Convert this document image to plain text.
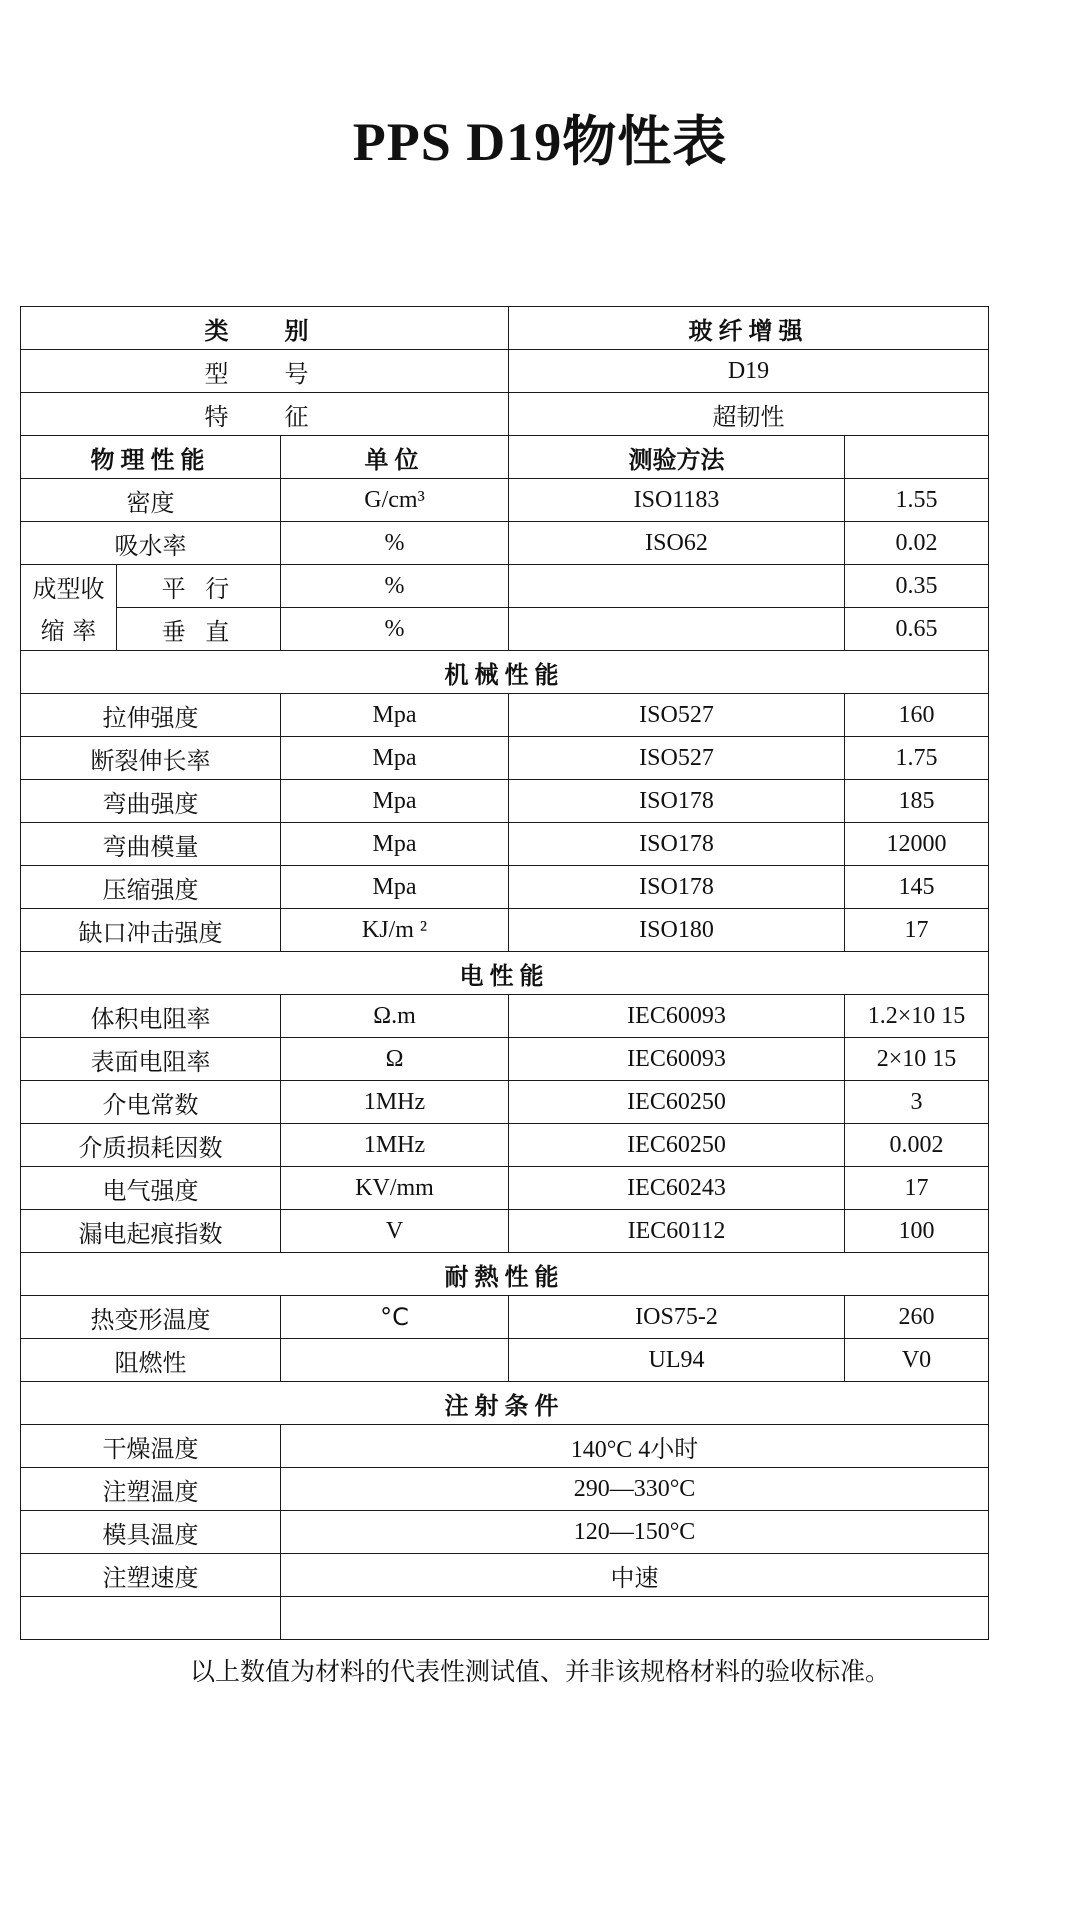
PPS D19物性表
类　别			玻纤增强	
型　号			D19	
特　征			超韧性	
物理性能		单位	测验方法	
密度		G/cm³	ISO1183	1.55
吸水率		%	ISO62	0.02
成型收	平 行	%		0.35
缩 率	垂 直	%		0.65
机械性能				
拉伸强度		Mpa	ISO527	160
断裂伸长率		Mpa	ISO527	1.75
弯曲强度		Mpa	ISO178	185
弯曲模量		Mpa	ISO178	12000
压缩强度		Mpa	ISO178	145
缺口冲击强度		KJ/m ²	ISO180	17
电性能				
体积电阻率		Ω.m	IEC60093	1.2×10 15
表面电阻率		Ω	IEC60093	2×10 15
介电常数		1MHz	IEC60250	3
介质损耗因数		1MHz	IEC60250	0.002
电气强度		KV/mm	IEC60243	17
漏电起痕指数		V	IEC60112	100
耐熱性能				
热变形温度		°C	IOS75-2	260
阻燃性			UL94	V0
注射条件				
干燥温度		140°C 4小时		
注塑温度		290—330°C		
模具温度		120—150°C		
注塑速度		中速		

以上数值为材料的代表性测试值、并非该规格材料的验收标准。
